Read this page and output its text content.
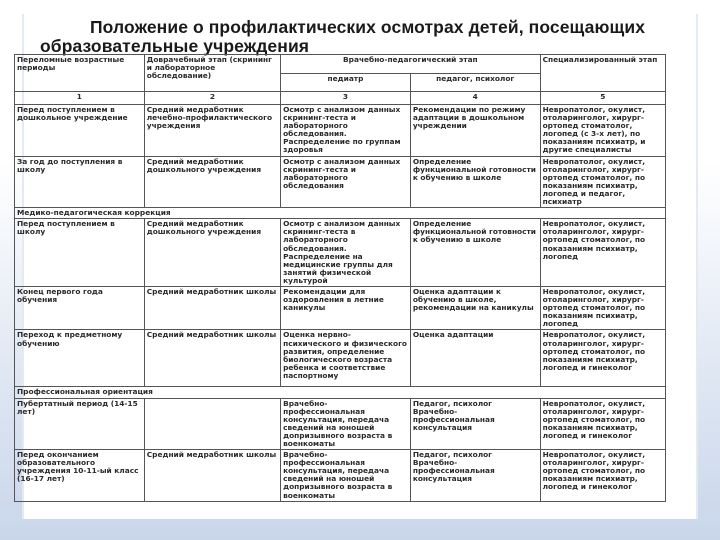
Положение о профилактических осмотрах детей, посещающих
образовательные учреждения
Переломные возрастные периоды	Доврачебный этап (скрининг и лабораторное обследование)	Врачебно-педагогический этап		Специализированный этап
		педиатр	педагог, психолог	
1	2	3	4	5
Перед поступлением в дошкольное учреждение	Средний медработник лечебно-профилактического учреждения	Осмотр с анализом данных скрининг-теста и лабораторного обследования. Распределение по группам здоровья	Рекомендации по режиму адаптации в дошкольном учреждении	Невропатолог, окулист, отоларинголог, хирург-ортопед стоматолог, логопед (с 3-х лет), по показаниям психиатр, и другие специалисты
За год до поступления в школу	Средний медработник дошкольного учреждения	Осмотр с анализом данных скрининг-теста и лабораторного обследования	Определение функциональной готовности к обучению в школе	Невропатолог, окулист, отоларинголог, хирург-ортопед стоматолог, по показаниям психиатр, логопед и педагог, психиатр
Медико-педагогическая коррекция				
Перед поступлением в школу	Средний медработник дошкольного учреждения	Осмотр с анализом данных скрининг-теста в лабораторного обследования. Распределение на медицинские группы для занятий физической культурой	Определение функциональной готовности к обучению в школе	Невропатолог, окулист, отоларинголог, хирург-ортопед стоматолог, по показаниям психиатр, логопед
Конец первого года обучения	Средний медработник школы	Рекомендации для оздоровления в летние каникулы	Оценка адаптации к обучению в школе, рекомендации на каникулы	Невропатолог, окулист, отоларинголог, хирург-ортопед стоматолог, по показаниям психиатр, логопед
Переход к предметному обучению	Средний медработник школы	Оценка нервно-психического и физического развития, определение биологического возраста ребенка и соответствие паспортному	Оценка адаптации	Невропатолог, окулист, отоларинголог, хирург-ортопед стоматолог, по показаниям психиатр, логопед и гинеколог
Профессиональная ориентация				
Пубертатный период (14-15 лет)		Врачебно-профессиональная консультация, передача сведений на юношей допризывного возраста в военкоматы	Педагог, психолог Врачебно-профессиональная консультация	Невропатолог, окулист, отоларинголог, хирург-ортопед стоматолог, по показаниям психиатр, логопед и гинеколог
Перед окончанием образовательного учреждения 10-11-ый класс (16-17 лет)	Средний медработник школы	Врачебно-профессиональная консультация, передача сведений на юношей допризывного возраста в военкоматы	Педагог, психолог Врачебно-профессиональная консультация	Невропатолог, окулист, отоларинголог, хирург-ортопед стоматолог, по показаниям психиатр, логопед и гинеколог
